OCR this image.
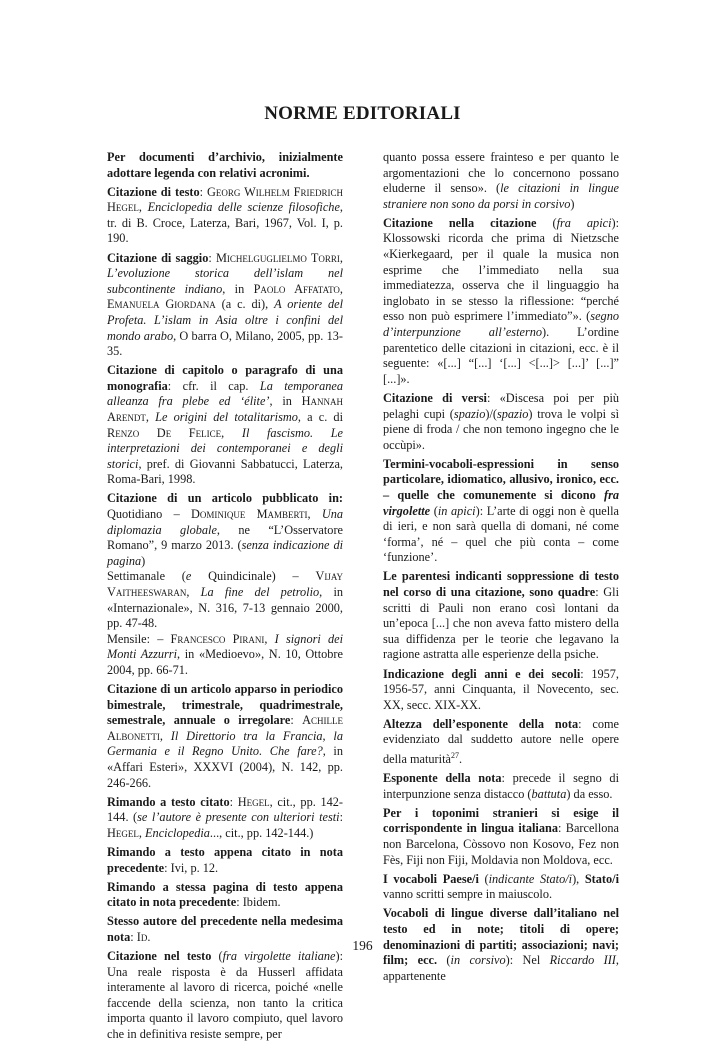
NORME EDITORIALI

Per documenti d’archivio, inizialmente adottare legenda con relativi acronimi.

Citazione di testo: Georg Wilhelm Friedrich Hegel, Enciclopedia delle scienze filosofiche, tr. di B. Croce, Laterza, Bari, 1967, Vol. I, p. 190.

Citazione di saggio: Michelguglielmo Torri, L’evoluzione storica dell’islam nel subcontinente indiano, in Paolo Affatato, Emanuela Giordana (a c. di), A oriente del Profeta. L’islam in Asia oltre i confini del mondo arabo, O barra O, Milano, 2005, pp. 13-35.

Citazione di capitolo o paragrafo di una monografia: cfr. il cap. La temporanea alleanza fra plebe ed ‘élite’, in Hannah Arendt, Le origini del totalitarismo, a c. di Renzo De Felice, Il fascismo. Le interpretazioni dei contemporanei e degli storici, pref. di Giovanni Sabbatucci, Laterza, Roma-Bari, 1998.

Citazione di un articolo pubblicato in: Quotidiano – Dominique Mamberti, Una diplomazia globale, ne “L’Osservatore Romano”, 9 marzo 2013. (senza indicazione di pagina)
Settimanale (e Quindicinale) – Vijay Vaitheeswaran, La fine del petrolio, in «Internazionale», N. 316, 7-13 gennaio 2000, pp. 47-48.
Mensile: – Francesco Pirani, I signori dei Monti Azzurri, in «Medioevo», N. 10, Ottobre 2004, pp. 66-71.

Citazione di un articolo apparso in periodico bimestrale, trimestrale, quadrimestrale, semestrale, annuale o irregolare: Achille Albonetti, Il Direttorio tra la Francia, la Germania e il Regno Unito. Che fare?, in «Affari Esteri», XXXVI (2004), N. 142, pp. 246-266.

Rimando a testo citato: Hegel, cit., pp. 142-144. (se l’autore è presente con ulteriori testi: Hegel, Enciclopedia..., cit., pp. 142-144.)

Rimando a testo appena citato in nota precedente: Ivi, p. 12.

Rimando a stessa pagina di testo appena citato in nota precedente: Ibidem.

Stesso autore del precedente nella medesima nota: Id.

Citazione nel testo (fra virgolette italiane): Una reale risposta è da Husserl affidata interamente al lavoro di ricerca, poiché «nelle faccende della scienza, non tanto la critica importa quanto il lavoro compiuto, quel lavoro che in definitiva resiste sempre, per

quanto possa essere frainteso e per quanto le argomentazioni che lo concernono possano eluderne il senso». (le citazioni in lingue straniere non sono da porsi in corsivo)

Citazione nella citazione (fra apici): Klossowski ricorda che prima di Nietzsche «Kierkegaard, per il quale la musica non esprime che l’immediato nella sua immediatezza, osserva che il linguaggio ha inglobato in se stesso la riflessione: “perché esso non può esprimere l’immediato”». (segno d’interpunzione all’esterno). L’ordine parentetico delle citazioni in citazioni, ecc. è il seguente: «[...] “[...] ‘[...] <[...]> [...]’ [...]” [...]».

Citazione di versi: «Discesa poi per più pelaghi cupi (spazio)/(spazio) trova le volpi sì piene di froda / che non temono ingegno che le occùpi».

Termini-vocaboli-espressioni in senso particolare, idiomatico, allusivo, ironico, ecc. – quelle che comunemente si dicono fra virgolette (in apici): L’arte di oggi non è quella di ieri, e non sarà quella di domani, né come ‘forma’, né – quel che più conta – come ‘funzione’.

Le parentesi indicanti soppressione di testo nel corso di una citazione, sono quadre: Gli scritti di Pauli non erano così lontani da un’epoca [...] che non aveva fatto mistero della sua diffidenza per le teorie che legavano la ragione astratta alle esperienze della psiche.

Indicazione degli anni e dei secoli: 1957, 1956-57, anni Cinquanta, il Novecento, sec. XX, secc. XIX-XX.

Altezza dell’esponente della nota: come evidenziato dal suddetto autore nelle opere della maturità$^{27}$.

Esponente della nota: precede il segno di interpunzione senza distacco (battuta) da esso.

Per i toponimi stranieri si esige il corrispondente in lingua italiana: Barcellona non Barcelona, Còssovo non Kosovo, Fez non Fès, Fiji non Fiji, Moldavia non Moldova, ecc.

I vocaboli Paese/i (indicante Stato/i), Stato/i vanno scritti sempre in maiuscolo.

Vocaboli di lingue diverse dall’italiano nel testo ed in note; titoli di opere; denominazioni di partiti; associazioni; navi; film; ecc. (in corsivo): Nel Riccardo III, appartenente

196
